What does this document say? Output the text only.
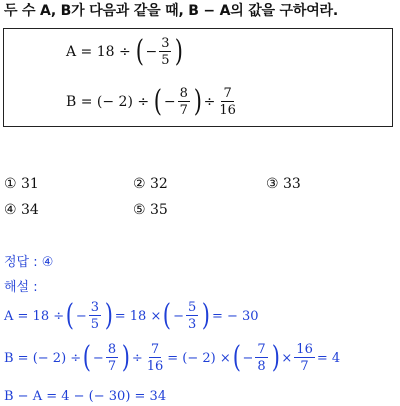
두 수 A, B가 다음과 같을 때, B − A의 값을 구하여라.
A = 18 ÷ ( − $\frac{3}{5}$ )
B = (− 2) ÷ ( − $\frac{8}{7}$ ) ÷ $\frac{7}{16}$
① 31	② 32	③ 33
④ 34	⑤ 35
정답 : ④
해설 :
A = 18 ÷ ( − $\frac{3}{5}$ ) = 18 × ( − $\frac{5}{3}$ ) = − 30
B = (− 2) ÷ ( − $\frac{8}{7}$ ) ÷ $\frac{7}{16}$ = (− 2) × ( − $\frac{7}{8}$ ) × $\frac{16}{7} = 4$
B − A = 4 − (− 30) = 34
